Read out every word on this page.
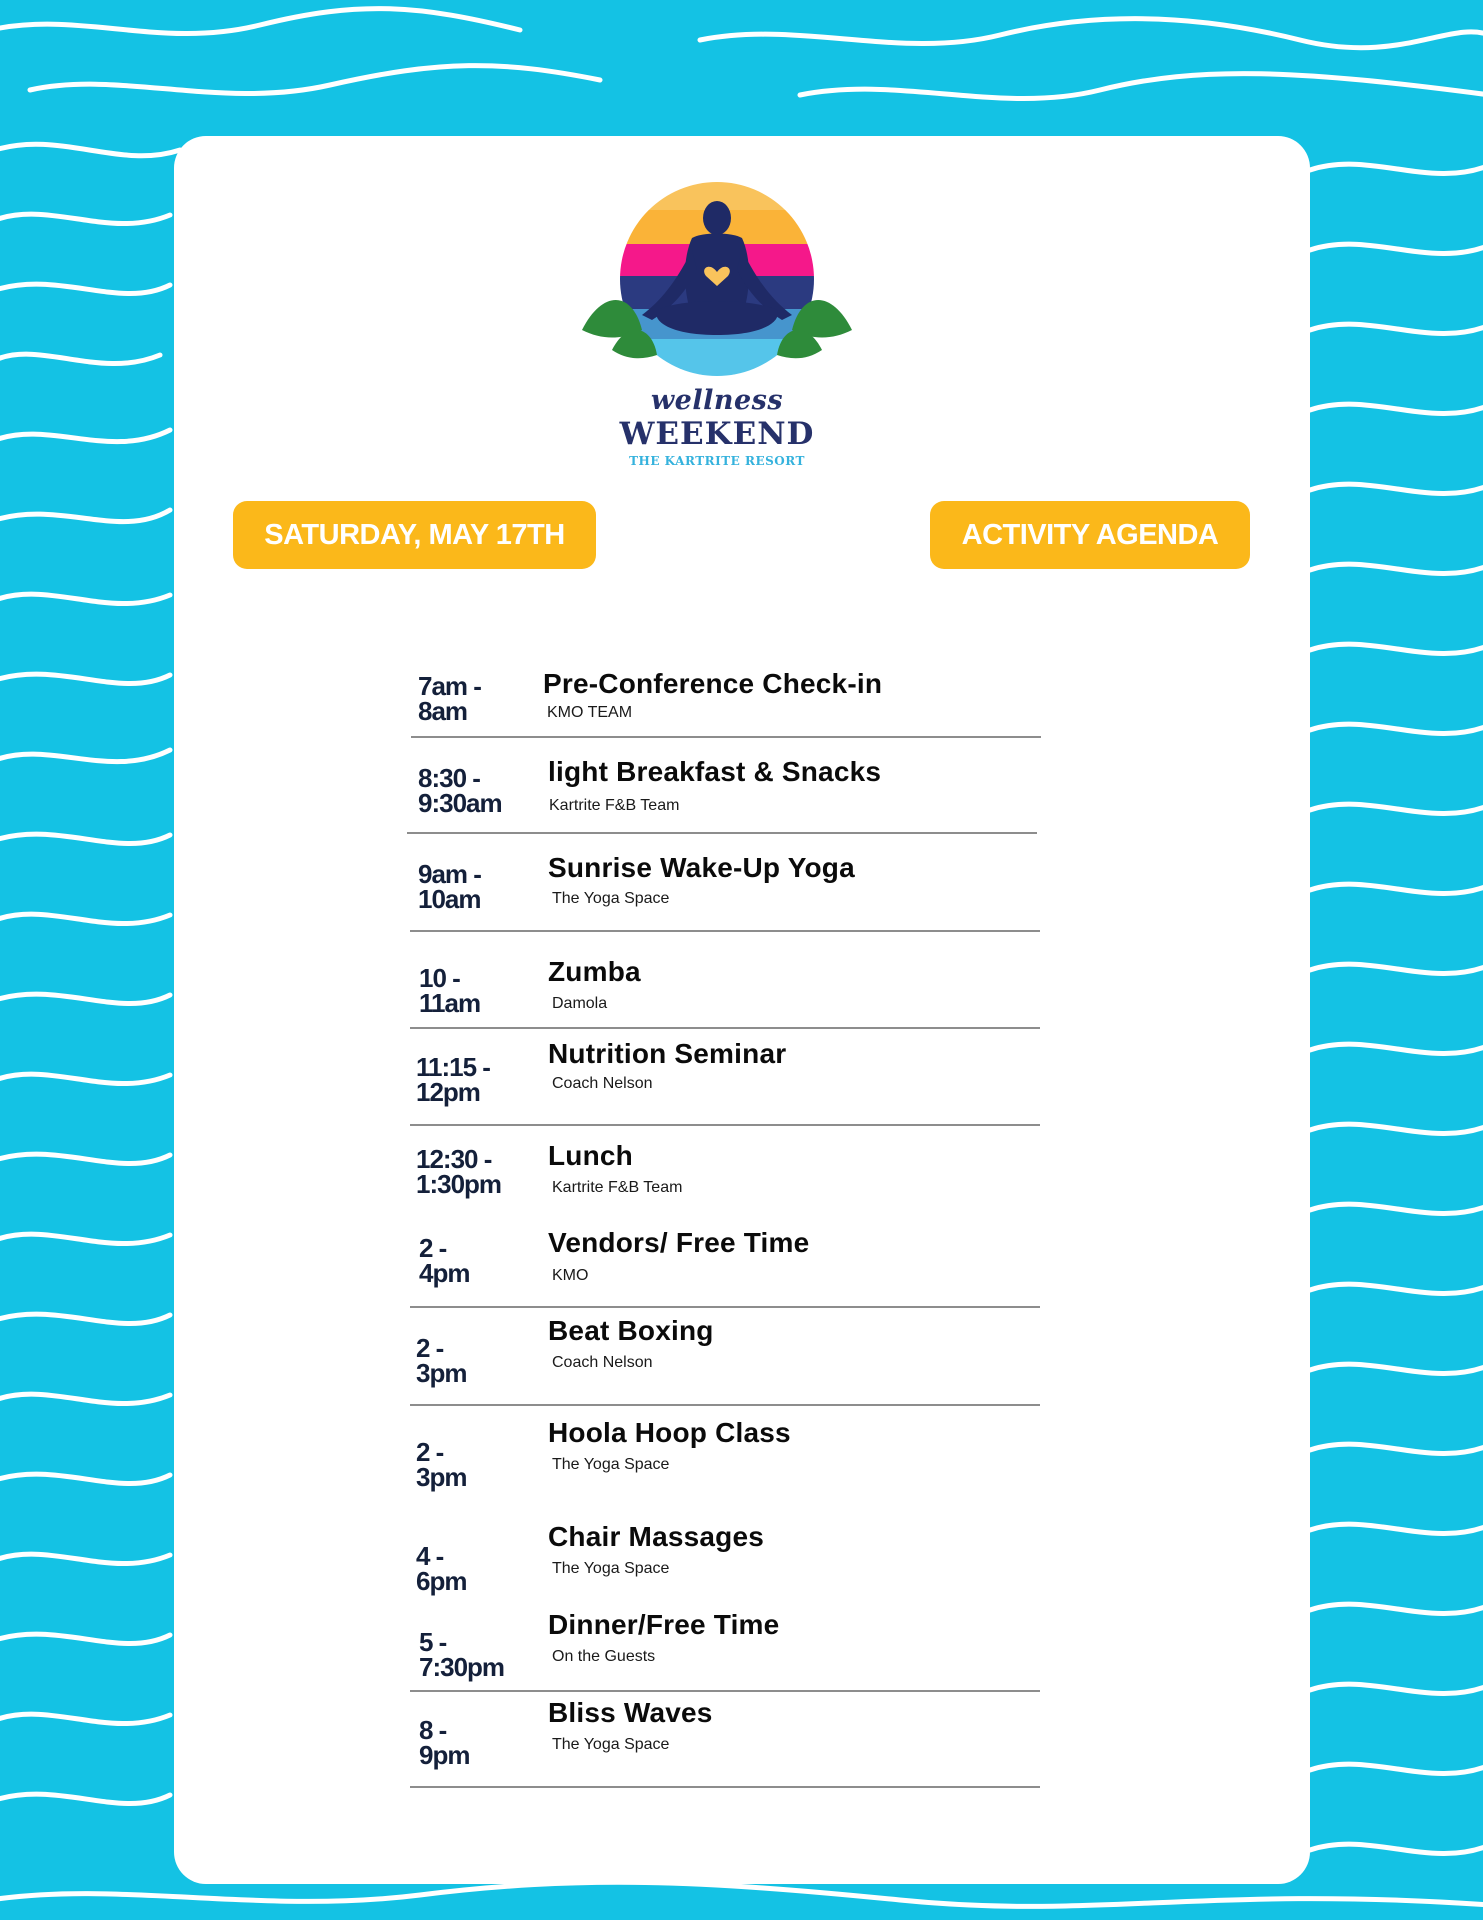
wellness
WEEKEND
THE KARTRITE RESORT
SATURDAY, MAY 17TH	ACTIVITY AGENDA
7am -
8am
Pre-Conference Check-in
KMO TEAM
8:30 -
9:30am
light Breakfast & Snacks
Kartrite F&B Team
9am -
10am
Sunrise Wake-Up Yoga
The Yoga Space
10 -
11am
Zumba
Damola
11:15 -
12pm
Nutrition Seminar
Coach Nelson
12:30 -
1:30pm
Lunch
Kartrite F&B Team
2 -
4pm
Vendors/ Free Time
KMO
2 -
3pm
Beat Boxing
Coach Nelson
2 -
3pm
Hoola Hoop Class
The Yoga Space
4 -
6pm
Chair Massages
The Yoga Space
5 -
7:30pm
Dinner/Free Time
On the Guests
8 -
9pm
Bliss Waves
The Yoga Space
